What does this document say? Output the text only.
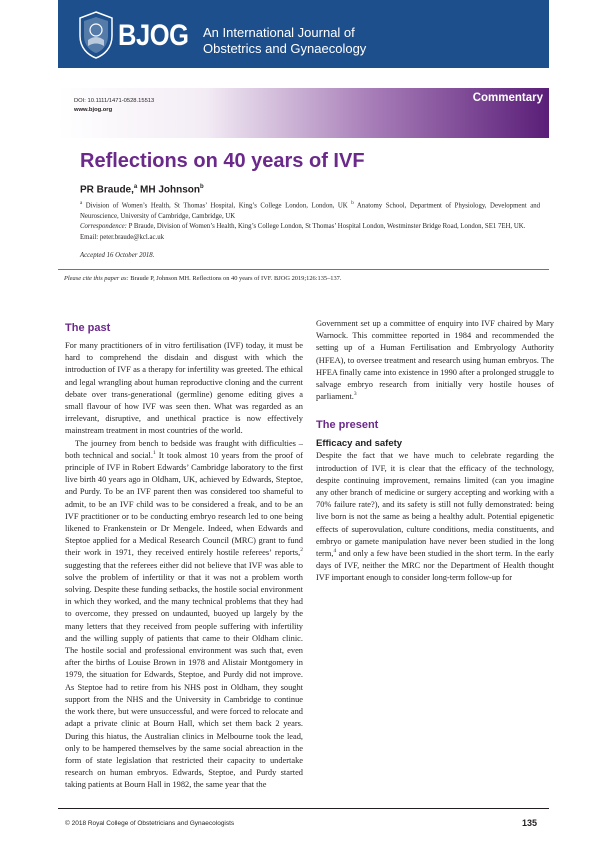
BJOG An International Journal of
Obstetrics and Gynaecology
DOI: 10.1111/1471-0528.15513
www.bjog.org
Commentary
Reflections on 40 years of IVF
PR Braude,$^a$ MH Johnson$^b$
$^a$ Division of Women’s Health, St Thomas’ Hospital, King’s College London, London, UK $^b$ Anatomy School, Department of Physiology, Development and Neuroscience, University of Cambridge, Cambridge, UK
Correspondence: P Braude, Division of Women’s Health, King’s College London, St Thomas’ Hospital London, Westminster Bridge Road, London, SE1 7EH, UK. Email: peter.braude@kcl.ac.uk
Accepted 16 October 2018.
Please cite this paper as: Braude P, Johnson MH. Reflections on 40 years of IVF. BJOG 2019;126:135–137.
The past

For many practitioners of in vitro fertilisation (IVF) today, it must be hard to comprehend the disdain and disgust with which the introduction of IVF as a therapy for infertility was greeted. The ethical and legal wrangling about human reproductive cloning and the current debate over trans-generational (germline) genome editing gives a small flavour of how IVF was seen then. What was regarded as an irrelevant, disruptive, and unethical practice is now effectively mainstream treatment in most countries of the world.

The journey from bench to bedside was fraught with difficulties – both technical and social.$^1$ It took almost 10 years from the proof of principle of IVF in Robert Edwards’ Cambridge laboratory to the first live birth 40 years ago in Oldham, UK, achieved by Edwards, Steptoe, and Purdy. To be an IVF parent then was considered too shameful to admit, to be an IVF child was to be considered a freak, and to be an IVF practitioner or to be conducting embryo research led to one being likened to Frankenstein or Dr Mengele. Indeed, when Edwards and Steptoe applied for a Medical Research Council (MRC) grant to fund their work in 1971, they received entirely hostile referees’ reports,$^2$ suggesting that the referees either did not believe that IVF was able to solve the problem of infertility or that it was not a problem worth solving. Despite these funding setbacks, the hostile social environment in which they worked, and the many technical problems that they had to overcome, they pressed on undaunted, buoyed up largely by the many letters that they received from people suffering with infertility and the willing supply of patients that came to their Oldham clinic. The hostile social and professional environment was such that, even after the births of Louise Brown in 1978 and Alistair Montgomery in 1979, the situation for Edwards, Steptoe, and Purdy did not improve. As Steptoe had to retire from his NHS post in Oldham, they sought support from the NHS and the University in Cambridge to continue the work there, but were unsuccessful, and were forced to relocate and adapt a private clinic at Bourn Hall, which set them back 2 years. During this hiatus, the Australian clinics in Melbourne took the lead, only to be hampered themselves by the same social abreaction in the form of state legislation that restricted their capacity to undertake research on human embryos. Edwards, Steptoe, and Purdy started taking patients at Bourn Hall in 1982, the same year that the

Government set up a committee of enquiry into IVF chaired by Mary Warnock. This committee reported in 1984 and recommended the setting up of a Human Fertilisation and Embryology Authority (HFEA), to oversee treatment and research using human embryos. The HFEA finally came into existence in 1990 after a prolonged struggle to salvage embryo research from initially very hostile houses of parliament.$^3$

The present
Efficacy and safety

Despite the fact that we have much to celebrate regarding the introduction of IVF, it is clear that the efficacy of the technology, despite continuing improvement, remains limited (can you imagine any other branch of medicine or surgery accepting and working with a 70% failure rate?), and its safety is still not fully demonstrated: being live born is not the same as being a healthy adult. Potential epigenetic effects of superovulation, culture conditions, media constituents, and embryo or gamete manipulation have never been studied in the long term,$^4$ and only a few have been studied in the short term. In the early days of IVF, neither the MRC nor the Department of Health thought IVF important enough to consider long-term follow-up for

© 2018 Royal College of Obstetricians and Gynaecologists	135
